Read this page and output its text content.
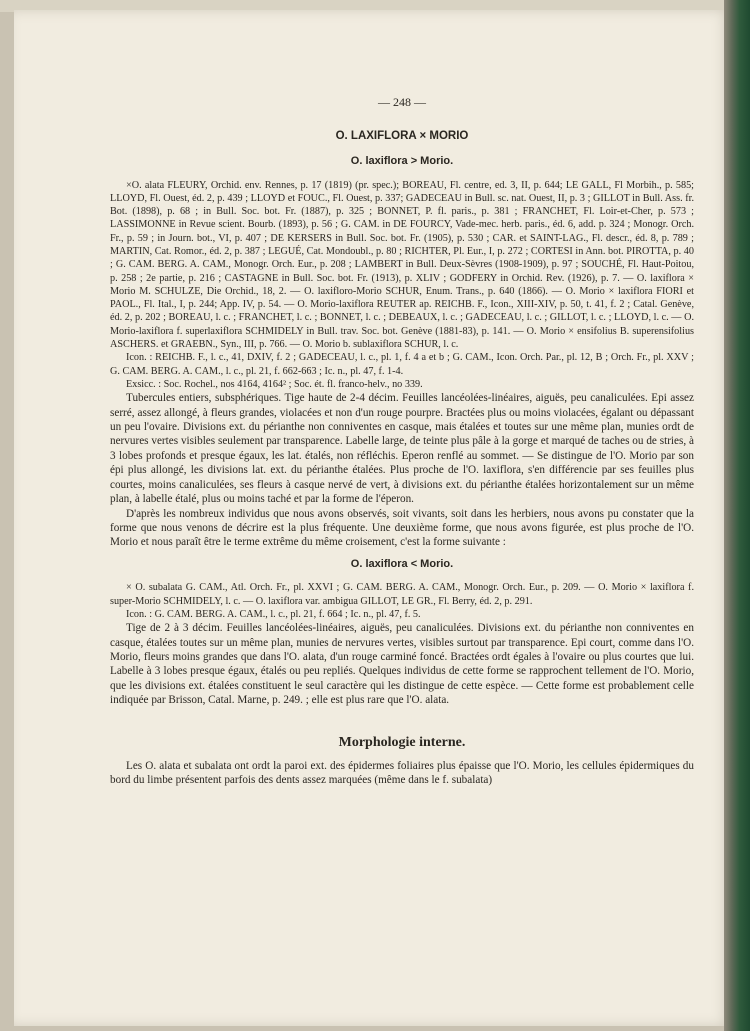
— 248 —
O. LAXIFLORA × MORIO
O. laxiflora > Morio.

×O. alata FLEURY, Orchid. env. Rennes, p. 17 (1819) (pr. spec.); BOREAU, Fl. centre, ed. 3, II, p. 644; LE GALL, Fl Morbih., p. 585; LLOYD, Fl. Ouest, éd. 2, p. 439 ; LLOYD et FOUC., Fl. Ouest, p. 337; GADECEAU in Bull. sc. nat. Ouest, II, p. 3 ; GILLOT in Bull. Ass. fr. Bot. (1898), p. 68 ; in Bull. Soc. bot. Fr. (1887), p. 325 ; BONNET, P. fl. paris., p. 381 ; FRANCHET, Fl. Loir-et-Cher, p. 573 ; LASSIMONNE in Revue scient. Bourb. (1893), p. 56 ; G. CAM. in DE FOURCY, Vade-mec. herb. paris., éd. 6, add. p. 324 ; Monogr. Orch. Fr., p. 59 ; in Journ. bot., VI, p. 407 ; DE KERSERS in Bull. Soc. bot. Fr. (1905), p. 530 ; CAR. et SAINT-LAG., Fl. descr., éd. 8, p. 789 ; MARTIN, Cat. Romor., éd. 2, p. 387 ; LEGUÉ, Cat. Mondoubl., p. 80 ; RICHTER, Pl. Eur., I, p. 272 ; CORTESI in Ann. bot. PIROTTA, p. 40 ; G. CAM. BERG. A. CAM., Monogr. Orch. Eur., p. 208 ; LAMBERT in Bull. Deux-Sèvres (1908-1909), p. 97 ; SOUCHÉ, Fl. Haut-Poitou, p. 258 ; 2e partie, p. 216 ; CASTAGNE in Bull. Soc. bot. Fr. (1913), p. XLIV ; GODFERY in Orchid. Rev. (1926), p. 7. — O. laxiflora × Morio M. SCHULZE, Die Orchid., 18, 2. — O. laxifloro-Morio SCHUR, Enum. Trans., p. 640 (1866). — O. Morio × laxiflora FIORI et PAOL., Fl. Ital., I, p. 244; App. IV, p. 54. — O. Morio-laxiflora REUTER ap. REICHB. F., Icon., XIII-XIV, p. 50, t. 41, f. 2 ; Catal. Genève, éd. 2, p. 202 ; BOREAU, l. c. ; FRANCHET, l. c. ; BONNET, l. c. ; DEBEAUX, l. c. ; GADECEAU, l. c. ; GILLOT, l. c. ; LLOYD, l. c. — O. Morio-laxiflora f. superlaxiflora SCHMIDELY in Bull. trav. Soc. bot. Genève (1881-83), p. 141. — O. Morio × ensifolius B. superensifolius ASCHERS. et GRAEBN., Syn., III, p. 766. — O. Morio b. sublaxiflora SCHUR, l. c.

Icon. : REICHB. F., l. c., 41, DXIV, f. 2 ; GADECEAU, l. c., pl. 1, f. 4 a et b ; G. CAM., Icon. Orch. Par., pl. 12, B ; Orch. Fr., pl. XXV ; G. CAM. BERG. A. CAM., l. c., pl. 21, f. 662-663 ; Ic. n., pl. 47, f. 1-4.

Exsicc. : Soc. Rochel., nos 4164, 4164² ; Soc. ét. fl. franco-helv., no 339.

Tubercules entiers, subsphériques. Tige haute de 2-4 décim. Feuilles lancéolées-linéaires, aiguës, peu canaliculées. Epi assez serré, assez allongé, à fleurs grandes, violacées et non d'un rouge pourpre. Bractées plus ou moins violacées, égalant ou dépassant un peu l'ovaire. Divisions ext. du périanthe non conniventes en casque, mais étalées et toutes sur une même plan, munies ordt de nervures vertes visibles seulement par transparence. Labelle large, de teinte plus pâle à la gorge et marqué de taches ou de stries, à 3 lobes profonds et presque égaux, les lat. étalés, non réfléchis. Eperon renflé au sommet. — Se distingue de l'O. Morio par son épi plus allongé, les divisions lat. ext. du périanthe étalées. Plus proche de l'O. laxiflora, s'en différencie par ses feuilles plus courtes, moins canaliculées, ses fleurs à casque nervé de vert, à divisions ext. du périanthe étalées horizontalement sur un même plan, à labelle étalé, plus ou moins taché et par la forme de l'éperon.

D'après les nombreux individus que nous avons observés, soit vivants, soit dans les herbiers, nous avons pu constater que la forme que nous venons de décrire est la plus fréquente. Une deuxième forme, que nous avons figurée, est plus proche de l'O. Morio et nous paraît être le terme extrême du même croisement, c'est la forme suivante :

O. laxiflora < Morio.

× O. subalata G. CAM., Atl. Orch. Fr., pl. XXVI ; G. CAM. BERG. A. CAM., Monogr. Orch. Eur., p. 209. — O. Morio × laxiflora f. super-Morio SCHMIDELY, l. c. — O. laxiflora var. ambigua GILLOT, LE GR., Fl. Berry, éd. 2, p. 291.

Icon. : G. CAM. BERG. A. CAM., l. c., pl. 21, f. 664 ; Ic. n., pl. 47, f. 5.

Tige de 2 à 3 décim. Feuilles lancéolées-linéaires, aiguës, peu canaliculées. Divisions ext. du périanthe non conniventes en casque, étalées toutes sur un même plan, munies de nervures vertes, visibles surtout par transparence. Epi court, comme dans l'O. Morio, fleurs moins grandes que dans l'O. alata, d'un rouge carminé foncé. Bractées ordt égales à l'ovaire ou plus courtes que lui. Labelle à 3 lobes presque égaux, étalés ou peu repliés. Quelques individus de cette forme se rapprochent tellement de l'O. Morio, que les divisions ext. étalées constituent le seul caractère qui les distingue de cette espèce. — Cette forme est probablement celle indiquée par Brisson, Catal. Marne, p. 249. ; elle est plus rare que l'O. alata.

Morphologie interne.

Les O. alata et subalata ont ordt la paroi ext. des épidermes foliaires plus épaisse que l'O. Morio, les cellules épidermiques du bord du limbe présentent parfois des dents assez marquées (même dans le f. subalata)
